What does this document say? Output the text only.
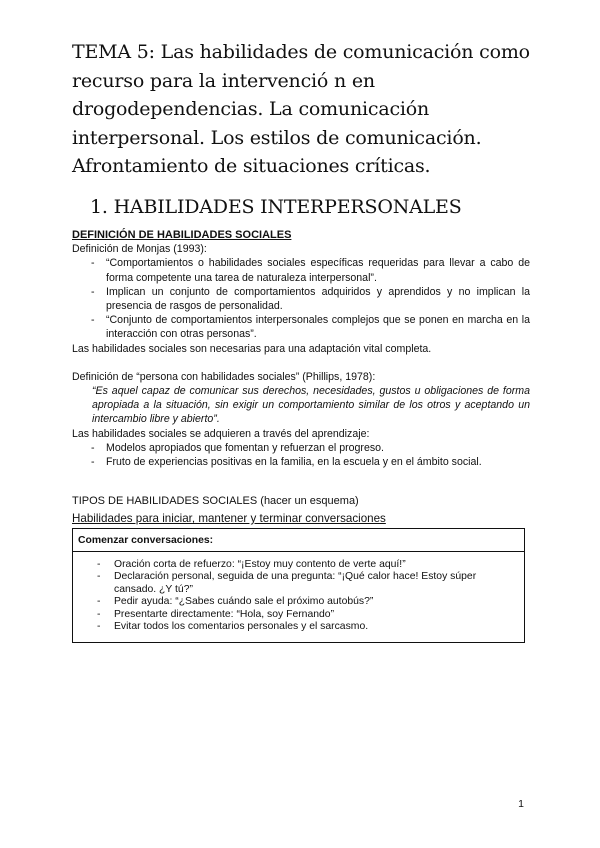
TEMA 5: Las habilidades de comunicación como recurso para la intervenció n en drogodependencias. La comunicación interpersonal. Los estilos de comunicación. Afrontamiento de situaciones críticas.
1. HABILIDADES INTERPERSONALES

DEFINICIÓN DE HABILIDADES SOCIALES

Definición de Monjas (1993):

- “Comportamientos o habilidades sociales específicas requeridas para llevar a cabo de forma competente una tarea de naturaleza interpersonal”.
- Implican un conjunto de comportamientos adquiridos y aprendidos y no implican la presencia de rasgos de personalidad.
- “Conjunto de comportamientos interpersonales complejos que se ponen en marcha en la interacción con otras personas”.

Las habilidades sociales son necesarias para una adaptación vital completa.

Definición de “persona con habilidades sociales” (Phillips, 1978):

“Es aquel capaz de comunicar sus derechos, necesidades, gustos u obligaciones de forma apropiada a la situación, sin exigir un comportamiento similar de los otros y aceptando un intercambio libre y abierto”.

Las habilidades sociales se adquieren a través del aprendizaje:

- Modelos apropiados que fomentan y refuerzan el progreso.
- Fruto de experiencias positivas en la familia, en la escuela y en el ámbito social.

TIPOS DE HABILIDADES SOCIALES (hacer un esquema)

Habilidades para iniciar, mantener y terminar conversaciones

Comenzar conversaciones:
- Oración corta de refuerzo: “¡Estoy muy contento de verte aquí!”
- Declaración personal, seguida de una pregunta: “¡Qué calor hace! Estoy súper cansado. ¿Y tú?”
- Pedir ayuda: “¿Sabes cuándo sale el próximo autobús?”
- Presentarte directamente: “Hola, soy Fernando”
- Evitar todos los comentarios personales y el sarcasmo.
1
